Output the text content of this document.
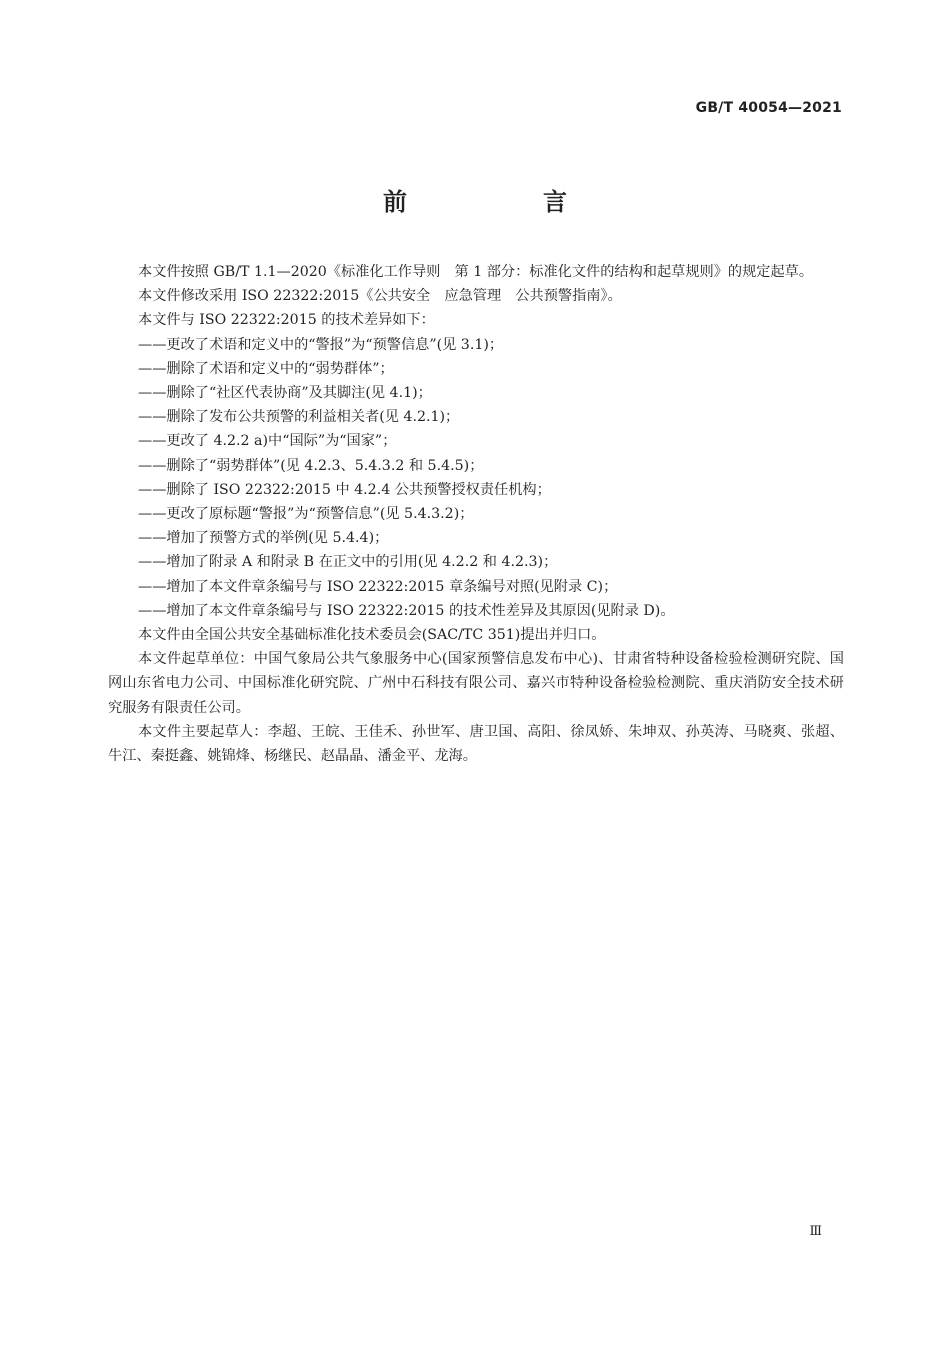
GB/T 40054—2021
前　言

本文件按照 GB/T 1.1—2020《标准化工作导则　第 1 部分：标准化文件的结构和起草规则》的规定起草。

本文件修改采用 ISO 22322:2015《公共安全　应急管理　公共预警指南》。

本文件与 ISO 22322:2015 的技术差异如下：

——更改了术语和定义中的“警报”为“预警信息”(见 3.1)；

——删除了术语和定义中的“弱势群体”；

——删除了“社区代表协商”及其脚注(见 4.1)；

——删除了发布公共预警的利益相关者(见 4.2.1)；

——更改了 4.2.2 a)中“国际”为“国家”；

——删除了“弱势群体”(见 4.2.3、5.4.3.2 和 5.4.5)；

——删除了 ISO 22322:2015 中 4.2.4 公共预警授权责任机构；

——更改了原标题“警报”为“预警信息”(见 5.4.3.2)；

——增加了预警方式的举例(见 5.4.4)；

——增加了附录 A 和附录 B 在正文中的引用(见 4.2.2 和 4.2.3)；

——增加了本文件章条编号与 ISO 22322:2015 章条编号对照(见附录 C)；

——增加了本文件章条编号与 ISO 22322:2015 的技术性差异及其原因(见附录 D)。

本文件由全国公共安全基础标准化技术委员会(SAC/TC 351)提出并归口。

本文件起草单位：中国气象局公共气象服务中心(国家预警信息发布中心)、甘肃省特种设备检验检测研究院、国网山东省电力公司、中国标准化研究院、广州中石科技有限公司、嘉兴市特种设备检验检测院、重庆消防安全技术研究服务有限责任公司。

本文件主要起草人：李超、王皖、王佳禾、孙世军、唐卫国、高阳、徐凤娇、朱坤双、孙英涛、马晓爽、张超、牛江、秦挺鑫、姚锦烽、杨继民、赵晶晶、潘金平、龙海。

Ⅲ
